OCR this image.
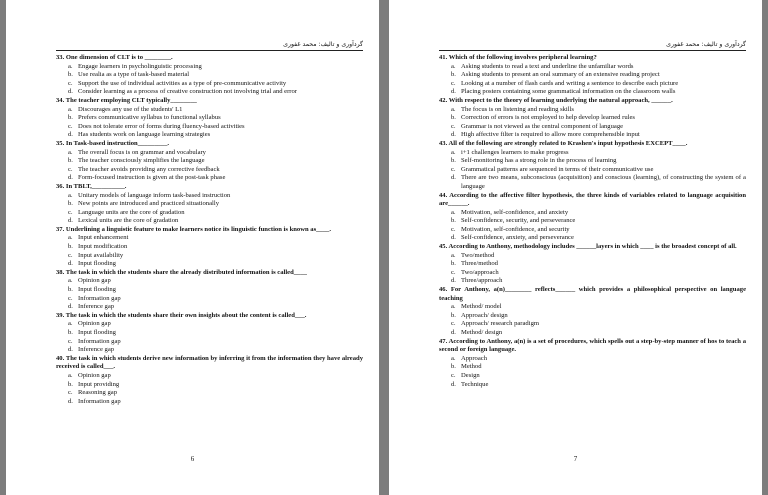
گردآوری و تالیف: محمد غفوری
33. One dimension of CLT is to ________.
a. Engage learners in psycholinguistic processing
b. Use realia as a type of task-based material
c. Support the use of individual activities as a type of pre-communicative activity
d. Consider learning as a process of creative construction not involving trial and error
34. The teacher employing CLT typically________
a. Discourages any use of the students' L1
b. Prefers communicative syllabus to functional syllabus
c. Does not tolerate error of forms during fluency-based activities
d. Has students work on language learning strategies
35. In Task-based instruction_________.
a. The overall focus is on grammar and vocabulary
b. The teacher consciously simplifies the language
c. The teacher avoids providing any corrective feedback
d. Form-focused instruction is given at the post-task phase
36. In TBLT,__________.
a. Unitary models of language inform task-based instruction
b. New points are introduced and practiced situationally
c. Language units are the core of gradation
d. Lexical units are the core of gradation
37. Underlining a linguistic feature to make learners notice its linguistic function is known as____.
a. Input enhancement
b. Input modification
c. Input availability
d. Input flooding
38. The task in which the students share the already distributed information is called____
a. Opinion gap
b. Input flooding
c. Information gap
d. Inference gap
39. The task in which the students share their own insights about the content is called___.
a. Opinion gap
b. Input flooding
c. Information gap
d. Inference gap
40. The task in which students derive new information by inferring it from the information they have already received is called___.
a. Opinion gap
b. Input providing
c. Reasoning gap
d. Information gap
6
گردآوری و تالیف: محمد غفوری
41. Which of the following involves peripheral learning?
a. Asking students to read a text and underline the unfamiliar words
b. Asking students to present an oral summary of an extensive reading project
c. Looking at a number of flash cards and writing a sentence to describe each picture
d. Placing posters containing some grammatical information on the classroom walls
42. With respect to the theory of learning underlying the natural approach, ______.
a. The focus is on listening and reading skills
b. Correction of errors is not employed to help develop learned rules
c. Grammar is not viewed as the central component of language
d. High affective filter is required to allow more comprehensible input
43. All of the following are strongly related to Krashen's input hypothesis EXCEPT____.
a. i+1 challenges learners to make progress
b. Self-monitoring has a strong role in the process of learning
c. Grammatical patterns are sequenced in terms of their communicative use
d. There are two means, subconscious (acquisition) and conscious (learning), of constructing the system of a language
44. According to the affective filter hypothesis, the three kinds of variables related to language acquisition are______.
a. Motivation, self-confidence, and anxiety
b. Self-confidence, security, and perseverance
c. Motivation, self-confidence, and security
d. Self-confidence, anxiety, and perseverance
45. According to Anthony, methodology includes ______layers in which ____ is the broadest concept of all.
a. Two/method
b. Three/method
c. Two/approach
d. Three/approach
46. For Anthony, a(n)________ reflects______ which provides a philosophical perspective on language teaching
a. Method/ model
b. Approach/ design
c. Approach/ research paradigm
d. Method/ design
47. According to Anthony, a(n) is a set of procedures, which spells out a step-by-step manner of hos to teach a second or foreign language.
a. Approach
b. Method
c. Design
d. Technique
7
